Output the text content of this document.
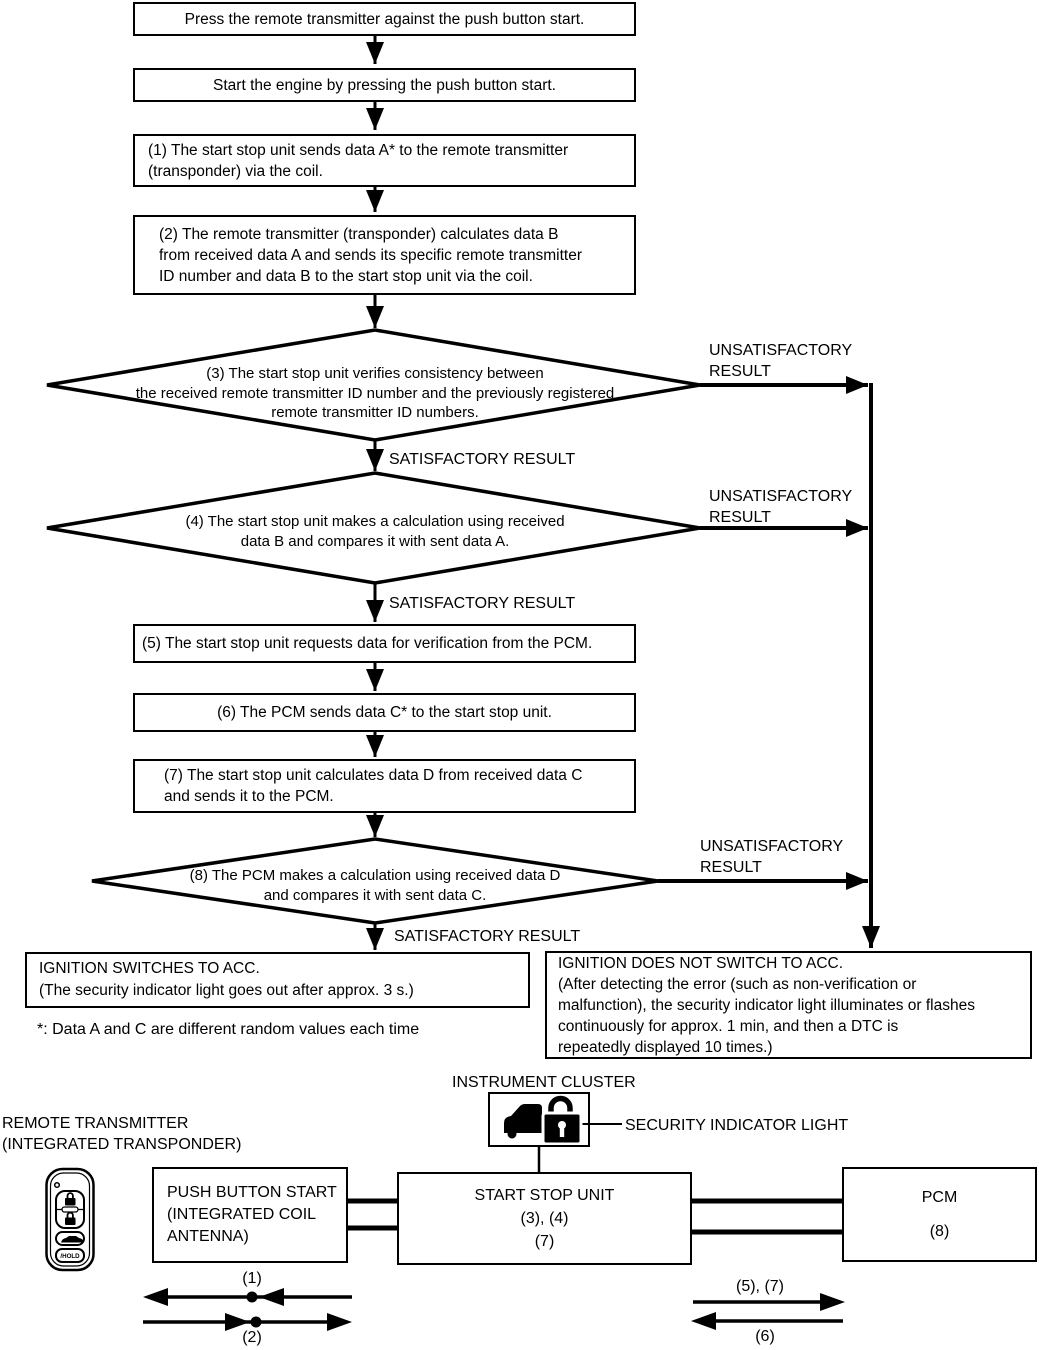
/HOLD
Press the remote transmitter against the push button start.
Start the engine by pressing the push button start.
(1) The start stop unit sends data A* to the remote transmitter
(transponder) via the coil.
(2) The remote transmitter (transponder) calculates data B
from received data A and sends its specific remote transmitter
ID number and data B to the start stop unit via the coil.
(3) The start stop unit verifies consistency between
the received remote transmitter ID number and the previously registered
remote transmitter ID numbers.
(4) The start stop unit makes a calculation using received
data B and compares it with sent data A.
(8) The PCM makes a calculation using received data D
and compares it with sent data C.
SATISFACTORY RESULT
SATISFACTORY RESULT
SATISFACTORY RESULT
UNSATISFACTORY
RESULT
UNSATISFACTORY
RESULT
UNSATISFACTORY
RESULT
IGNITION SWITCHES TO ACC.
(The security indicator light goes out after approx. 3 s.)
IGNITION DOES NOT SWITCH TO ACC.
(After detecting the error (such as non-verification or
malfunction), the security indicator light illuminates or flashes
continuously for approx. 1 min, and then a DTC is
repeatedly displayed 10 times.)
*: Data A and C are different random values each time
(5) The start stop unit requests data for verification from the PCM.
(6) The PCM sends data C* to the start stop unit.
(7) The start stop unit calculates data D from received data C
and sends it to the PCM.
INSTRUMENT CLUSTER
SECURITY INDICATOR LIGHT
REMOTE TRANSMITTER
(INTEGRATED TRANSPONDER)
PUSH BUTTON START
(INTEGRATED COIL
ANTENNA)
START STOP UNIT
(3), (4)
(7)
PCM
(8)
(1)
(2)
(5), (7)
(6)
